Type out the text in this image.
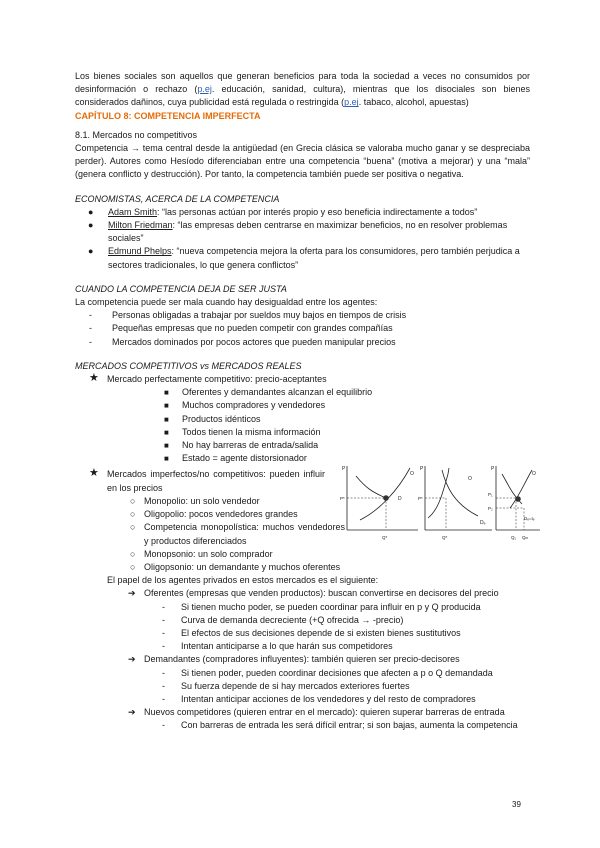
Los bienes sociales son aquellos que generan beneficios para toda la sociedad a veces no consumidos por desinformación o rechazo (p.ej. educación, sanidad, cultura), mientras que los disociales son bienes considerados dañinos, cuya publicidad está regulada o restringida (p.ej. tabaco, alcohol, apuestas)

CAPÍTULO 8: COMPETENCIA IMPERFECTA

8.1. Mercados no competitivos

Competencia → tema central desde la antigüedad (en Grecia clásica se valoraba mucho ganar y se despreciaba perder). Autores como Hesíodo diferenciaban entre una competencia “buena” (motiva a mejorar) y una “mala” (genera conflicto y destrucción). Por tanto, la competencia también puede ser positiva o negativa.

ECONOMISTAS, ACERCA DE LA COMPETENCIA

● Adam Smith: “las personas actúan por interés propio y eso beneficia indirectamente a todos”
● Milton Friedman: “las empresas deben centrarse en maximizar beneficios, no en resolver problemas sociales”
● Edmund Phelps: “nueva competencia mejora la oferta para los consumidores, pero también perjudica a sectores tradicionales, lo que genera conflictos”

CUANDO LA COMPETENCIA DEJA DE SER JUSTA

La competencia puede ser mala cuando hay desigualdad entre los agentes:

- Personas obligadas a trabajar por sueldos muy bajos en tiempos de crisis
- Pequeñas empresas que no pueden competir con grandes compañías
- Mercados dominados por pocos actores que pueden manipular precios

MERCADOS COMPETITIVOS vs MERCADOS REALES

★ Mercado perfectamente competitivo: precio-aceptantes

■ Oferentes y demandantes alcanzan el equilibrio
■ Muchos compradores y vendedores
■ Productos idénticos
■ Todos tienen la misma información
■ No hay barreras de entrada/salida
■ Estado = agente distorsionador

★ Mercados imperfectos/no competitivos: pueden influir en los precios

○ Monopolio: un solo vendedor
○ Oligopolio: pocos vendedores grandes
○ Competencia monopolística: muchos vendedores y productos diferenciados
○ Monopsonio: un solo comprador
○ Oligopsonio: un demandante y muchos oferentes

El papel de los agentes privados en estos mercados es el siguiente:

➔ Oferentes (empresas que venden productos): buscan convertirse en decisores del precio

- Si tienen mucho poder, se pueden coordinar para influir en p y Q producida
- Curva de demanda decreciente (+Q ofrecida → -precio)
- El efectos de sus decisiones depende de si existen bienes sustitutivos
- Intentan anticiparse a lo que harán sus competidores

➔ Demandantes (compradores influyentes): también quieren ser precio-decisores

- Si tienen poder, pueden coordinar decisiones que afecten a p o Q demandada
- Su fuerza depende de si hay mercados exteriores fuertes
- Intentan anticipar acciones de los vendedores y del resto de compradores

➔ Nuevos competidores (quieren entrar en el mercado): quieren superar barreras de entrada

- Con barreras de entrada les será difícil entrar; si son bajas, aumenta la competencia
P
O
D
P*
Q*
P
O
Dₑ
P*
Q*
P
O
Dₑ=Iₑ
P₁
P₂
Q₁ Qₘ
39
